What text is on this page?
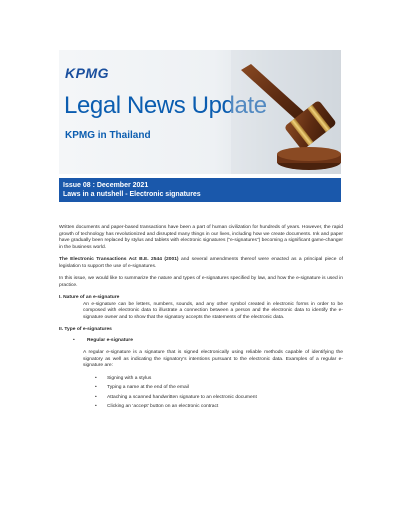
KPMG
Legal News Update
KPMG in Thailand
Issue 08 : December 2021
Laws in a nutshell - Electronic signatures

Written documents and paper-based transactions have been a part of human civilization for hundreds of years. However, the rapid growth of technology has revolutionized and disrupted many things in our lives, including how we create documents. Ink and paper have gradually been replaced by stylus and tablets with electronic signatures (“e-signatures”) becoming a significant game-changer in the business world.

The Electronic Transactions Act B.E. 2544 (2001) and several amendments thereof were enacted as a principal piece of legislation to support the use of e-signatures.

In this issue, we would like to summarize the nature and types of e-signatures specified by law, and how the e-signature is used in practice.

I. Nature of an e-signature

An e-signature can be letters, numbers, sounds, and any other symbol created in electronic forms in order to be composed with electronic data to illustrate a connection between a person and the electronic data to identify the e-signature owner and to show that the signatory accepts the statements of the electronic data.

II. Type of e-signatures

•	Regular e-signature

A regular e-signature is a signature that is signed electronically using reliable methods capable of identifying the signatory as well as indicating the signatory’s intentions pursuant to the electronic data. Examples of a regular e-signature are:

•	Signing with a stylus
•	Typing a name at the end of the email
•	Attaching a scanned handwritten signature to an electronic document
•	Clicking an ‘accept’ button on an electronic contract
